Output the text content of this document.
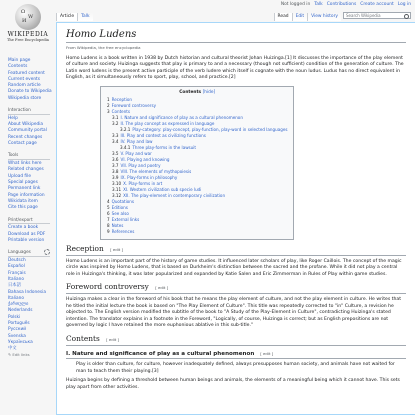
Not logged in Talk Contributions Create account Log in
Ω
W
И
WIKIPEDIA
The Free Encyclopedia
Article	Talk	Read	Edit	View history	Search Wikipedia
Main page
Contents
Featured content
Current events
Random article
Donate to Wikipedia
Wikipedia store
Interaction
Help
About Wikipedia
Community portal
Recent changes
Contact page
Tools
What links here
Related changes
Upload file
Special pages
Permanent link
Page information
Wikidata item
Cite this page
Print/export
Create a book
Download as PDF
Printable version
Languages
Deutsch
Español
Français
Italiano
日本語
Bahasa Indonesia
Italiano
ქართული
Nederlands
Polski
Português
Русский
Svenska
Українська
中文
✎ Edit links
Homo Ludens
From Wikipedia, the free encyclopedia

Homo Ludens is a book written in 1938 by Dutch historian and cultural theorist Johan Huizinga.[1] It discusses the importance of the play element of culture and society. Huizinga suggests that play is primary to and a necessary (though not sufficient) condition of the generation of culture. The Latin word ludens is the present active participle of the verb ludere which itself is cognate with the noun ludus. Ludus has no direct equivalent in English, as it simultaneously refers to sport, play, school, and practice.[2]

Contents [hide]
1 Reception
2 Foreword controversy
3 Contents
3.1 I. Nature and significance of play as a cultural phenomenon
3.2 II. The play concept as expressed in language
3.2.1 Play-category: play-concept, play-function, play-word in selected languages
3.3 III. Play and contest as civilizing functions
3.4 IV. Play and law
3.4.1 Three play-forms in the lawsuit
3.5 V. Play and war
3.6 VI. Playing and knowing
3.7 VII. Play and poetry
3.8 VIII. The elements of mythopoiesis
3.9 IX. Play-forms in philosophy
3.10 X. Play-forms in art
3.11 XI. Western civilization sub specie ludi
3.12 XII. The play-element in contemporary civilization
4 Quotations
5 Editions
6 See also
7 External links
8 Notes
9 References
Reception [ edit ]

Homo Ludens is an important part of the history of game studies. It influenced later scholars of play, like Roger Caillois. The concept of the magic circle was inspired by Homo Ludens, that is based on Durkheim's distinction between the sacred and the profane. While it did not play a central role in Huizinga's thinking, it was later popularized and expanded by Katie Salen and Eric Zimmerman in Rules of Play within game studies.

Foreword controversy [ edit ]

Huizinga makes a clear in the foreword of his book that he means the play element of culture, and not the play element in culture. He writes that he titled the initial lecture the book is based on "The Play Element of Culture". This title was repeatedly corrected to "in" Culture, a revision he objected to. The English version modified the subtitle of the book to "A Study of the Play-Element in Culture", contradicting Huizinga's stated intention. The translator explains in a footnote in the Foreword, "Logically, of course, Huizinga is correct; but as English prepositions are not governed by logic I have retained the more euphonious ablative in this sub-title."

Contents [ edit ]
I. Nature and significance of play as a cultural phenomenon [ edit ]
Play is older than culture, for culture, however inadequately defined, always presupposes human society, and animals have not waited for man to teach them their playing.[3]

Huizinga begins by defining a threshold between human beings and animals, the elements of a meaningful being which it cannot have. This sets play apart from other activities.
